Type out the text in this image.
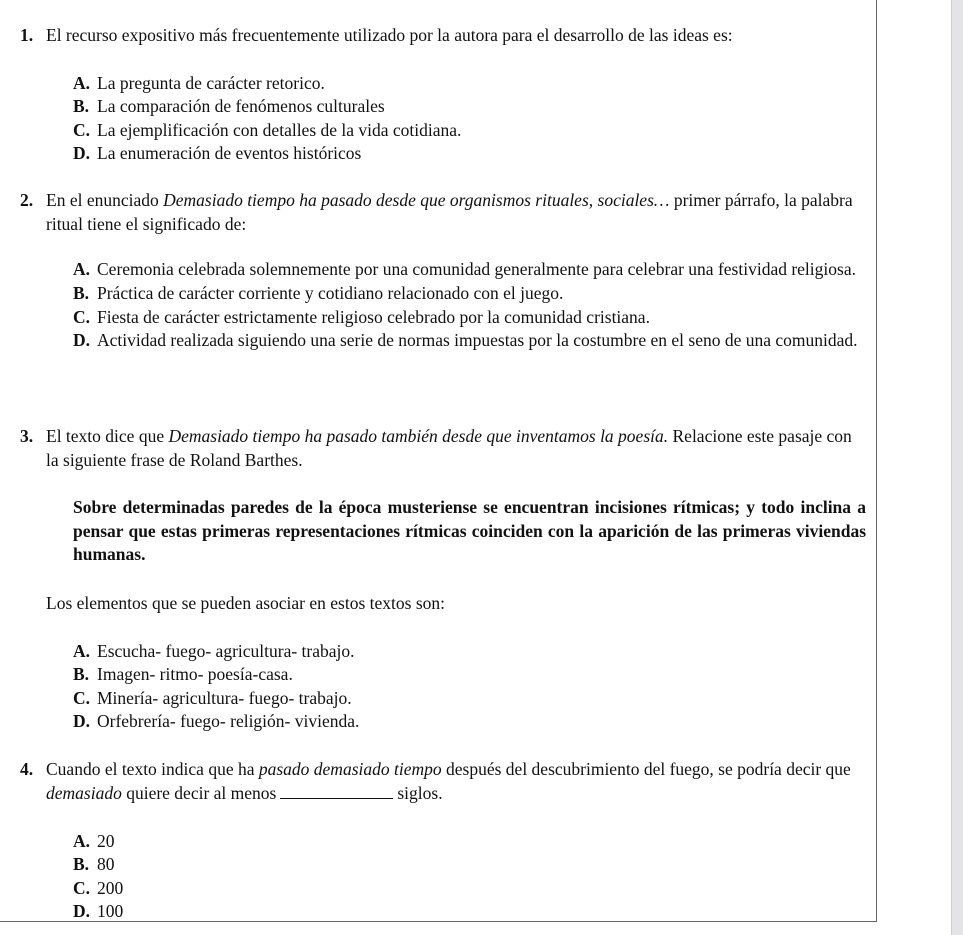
1. El recurso expositivo más frecuentemente utilizado por la autora para el desarrollo de las ideas es:
A. La pregunta de carácter retorico.
B. La comparación de fenómenos culturales
C. La ejemplificación con detalles de la vida cotidiana.
D. La enumeración de eventos históricos
2. En el enunciado Demasiado tiempo ha pasado desde que organismos rituales, sociales… primer párrafo, la palabra ritual tiene el significado de:
A. Ceremonia celebrada solemnemente por una comunidad generalmente para celebrar una festividad religiosa.
B. Práctica de carácter corriente y cotidiano relacionado con el juego.
C. Fiesta de carácter estrictamente religioso celebrado por la comunidad cristiana.
D. Actividad realizada siguiendo una serie de normas impuestas por la costumbre en el seno de una comunidad.
3. El texto dice que Demasiado tiempo ha pasado también desde que inventamos la poesía. Relacione este pasaje con la siguiente frase de Roland Barthes.
Sobre determinadas paredes de la época musteriense se encuentran incisiones rítmicas; y todo inclina a pensar que estas primeras representaciones rítmicas coinciden con la aparición de las primeras viviendas humanas.
Los elementos que se pueden asociar en estos textos son:
A. Escucha- fuego- agricultura- trabajo.
B. Imagen- ritmo- poesía-casa.
C. Minería- agricultura- fuego- trabajo.
D. Orfebrería- fuego- religión- vivienda.
4. Cuando el texto indica que ha pasado demasiado tiempo después del descubrimiento del fuego, se podría decir que demasiado quiere decir al menos	siglos.
A. 20
B. 80
C. 200
D. 100
